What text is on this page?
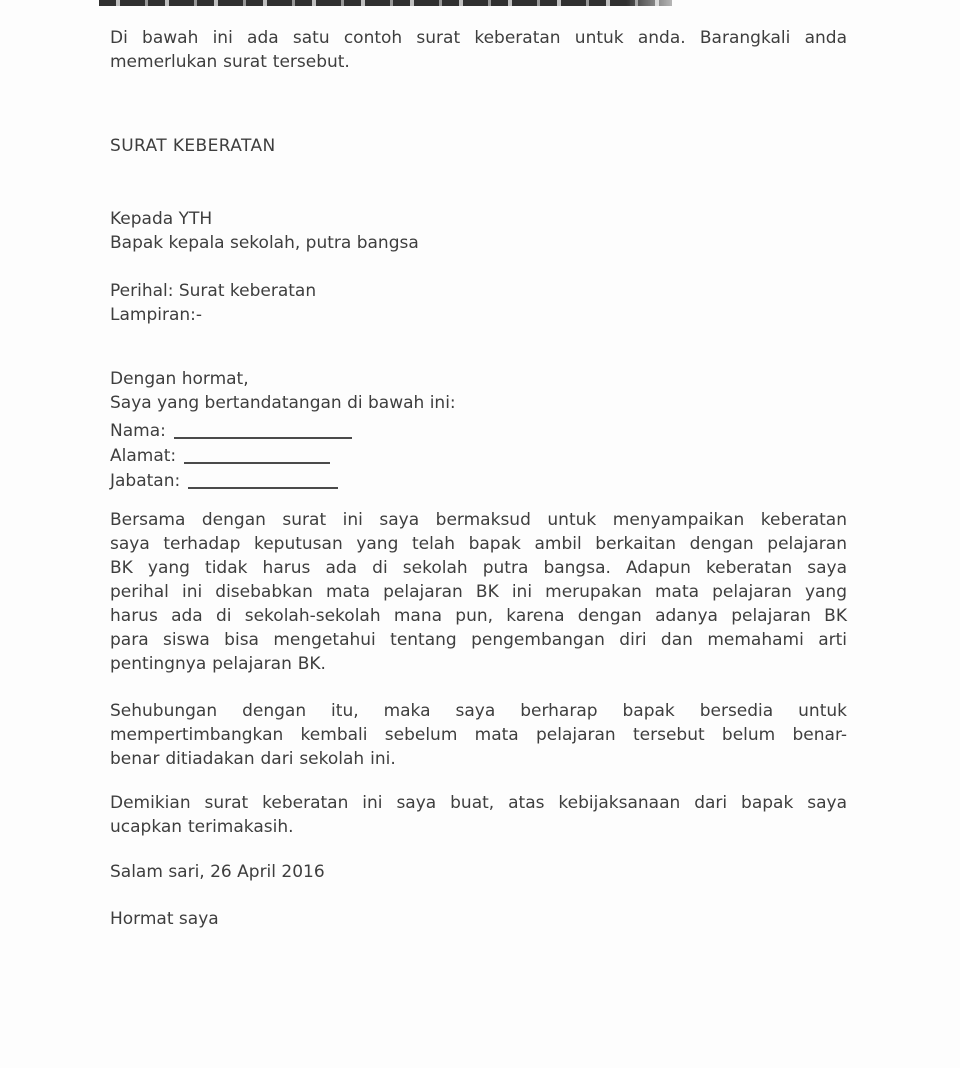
Di bawah ini ada satu contoh surat keberatan untuk anda. Barangkali anda
memerlukan surat tersebut.
SURAT KEBERATAN
Kepada YTH
Bapak kepala sekolah, putra bangsa
Perihal: Surat keberatan
Lampiran:-
Dengan hormat,
Saya yang bertandatangan di bawah ini:
Nama:
Alamat:
Jabatan:
Bersama dengan surat ini saya bermaksud untuk menyampaikan keberatan
saya terhadap keputusan yang telah bapak ambil berkaitan dengan pelajaran
BK yang tidak harus ada di sekolah putra bangsa. Adapun keberatan saya
perihal ini disebabkan mata pelajaran BK ini merupakan mata pelajaran yang
harus ada di sekolah-sekolah mana pun, karena dengan adanya pelajaran BK
para siswa bisa mengetahui tentang pengembangan diri dan memahami arti
pentingnya pelajaran BK.
Sehubungan dengan itu, maka saya berharap bapak bersedia untuk
mempertimbangkan kembali sebelum mata pelajaran tersebut belum benar-
benar ditiadakan dari sekolah ini.
Demikian surat keberatan ini saya buat, atas kebijaksanaan dari bapak saya
ucapkan terimakasih.
Salam sari, 26 April 2016
Hormat saya
